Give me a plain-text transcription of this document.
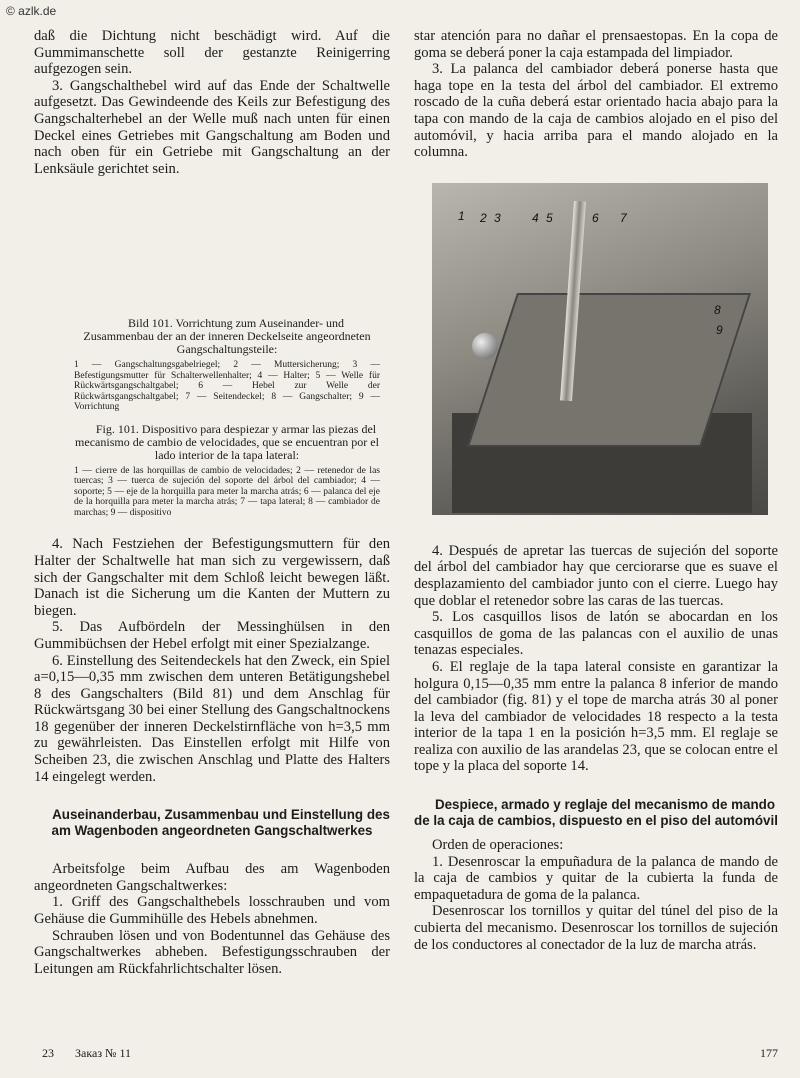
© azlk.de

daß die Dichtung nicht beschädigt wird. Auf die Gummimanschette soll der gestanzte Reinigerring aufgezogen sein.

3. Gangschalthebel wird auf das Ende der Schaltwelle aufgesetzt. Das Gewindeende des Keils zur Befestigung des Gangschalterhebel an der Welle muß nach unten für einen Deckel eines Getriebes mit Gangschaltung am Boden und nach oben für ein Getriebe mit Gangschaltung an der Lenksäule gerichtet sein.

Bild 101. Vorrichtung zum Auseinander- und Zusammenbau der an der inneren Deckelseite angeordneten Gangschaltungsteile:

1 — Gangschaltungsgabelriegel; 2 — Muttersicherung; 3 — Befestigungsmutter für Schalterwellenhalter; 4 — Halter; 5 — Welle für Rückwärtsgangschaltgabel; 6 — Hebel zur Welle der Rückwärtsgangschaltgabel; 7 — Seitendeckel; 8 — Gangschalter; 9 — Vorrichtung

Fig. 101. Dispositivo para despiezar y armar las piezas del mecanismo de cambio de velocidades, que se encuentran por el lado interior de la tapa lateral:

1 — cierre de las horquillas de cambio de velocidades; 2 — retenedor de las tuercas; 3 — tuerca de sujeción del soporte del árbol del cambiador; 4 — soporte; 5 — eje de la horquilla para meter la marcha atrás; 6 — palanca del eje de la horquilla para meter la marcha atrás; 7 — tapa lateral; 8 — cambiador de marchas; 9 — dispositivo

4. Nach Festziehen der Befestigungsmuttern für den Halter der Schaltwelle hat man sich zu vergewissern, daß sich der Gangschalter mit dem Schloß leicht bewegen läßt. Danach ist die Sicherung um die Kanten der Muttern zu biegen.

5. Das Aufbördeln der Messinghülsen in den Gummibüchsen der Hebel erfolgt mit einer Spezialzange.

6. Einstellung des Seitendeckels hat den Zweck, ein Spiel a=0,15—0,35 mm zwischen dem unteren Betätigungshebel 8 des Gangschalters (Bild 81) und dem Anschlag für Rückwärtsgang 30 bei einer Stellung des Gangschaltnockens 18 gegenüber der inneren Deckelstirnfläche von h=3,5 mm zu gewährleisten. Das Einstellen erfolgt mit Hilfe von Scheiben 23, die zwischen Anschlag und Platte des Halters 14 eingelegt werden.

Auseinanderbau, Zusammenbau und Einstellung des am Wagenboden angeordneten Gangschaltwerkes

Arbeitsfolge beim Aufbau des am Wagenboden angeordneten Gangschaltwerkes:

1. Griff des Gangschalthebels losschrauben und vom Gehäuse die Gummihülle des Hebels abnehmen.

Schrauben lösen und von Bodentunnel das Gehäuse des Gangschaltwerkes abheben. Befestigungsschrauben der Leitungen am Rückfahrlichtschalter lösen.

star atención para no dañar el prensaestopas. En la copa de goma se deberá poner la caja estampada del limpiador.

3. La palanca del cambiador deberá ponerse hasta que haga tope en la testa del árbol del cambiador. El extremo roscado de la cuña deberá estar orientado hacia abajo para la tapa con mando de la caja de cambios alojado en el piso del automóvil, y hacia arriba para el mando alojado en la columna.

1 2 3	4 5	6 7
8
9

4. Después de apretar las tuercas de sujeción del soporte del árbol del cambiador hay que cerciorarse que es suave el desplazamiento del cambiador junto con el cierre. Luego hay que doblar el retenedor sobre las caras de las tuercas.

5. Los casquillos lisos de latón se abocardan en los casquillos de goma de las palancas con el auxilio de unas tenazas especiales.

6. El reglaje de la tapa lateral consiste en garantizar la holgura 0,15—0,35 mm entre la palanca 8 inferior de mando del cambiador (fig. 81) y el tope de marcha atrás 30 al poner la leva del cambiador de velocidades 18 respecto a la testa interior de la tapa 1 en la posición h=3,5 mm. El reglaje se realiza con auxilio de las arandelas 23, que se colocan entre el tope y la placa del soporte 14.

Despiece, armado y reglaje del mecanismo de mando de la caja de cambios, dispuesto en el piso del automóvil

Orden de operaciones:

1. Desenroscar la empuñadura de la palanca de mando de la caja de cambios y quitar de la cubierta la funda de empaquetadura de goma de la palanca.

Desenroscar los tornillos y quitar del túnel del piso de la cubierta del mecanismo. Desenroscar los tornillos de sujeción de los conductores al conectador de la luz de marcha atrás.

23 Заказ № 11	177
